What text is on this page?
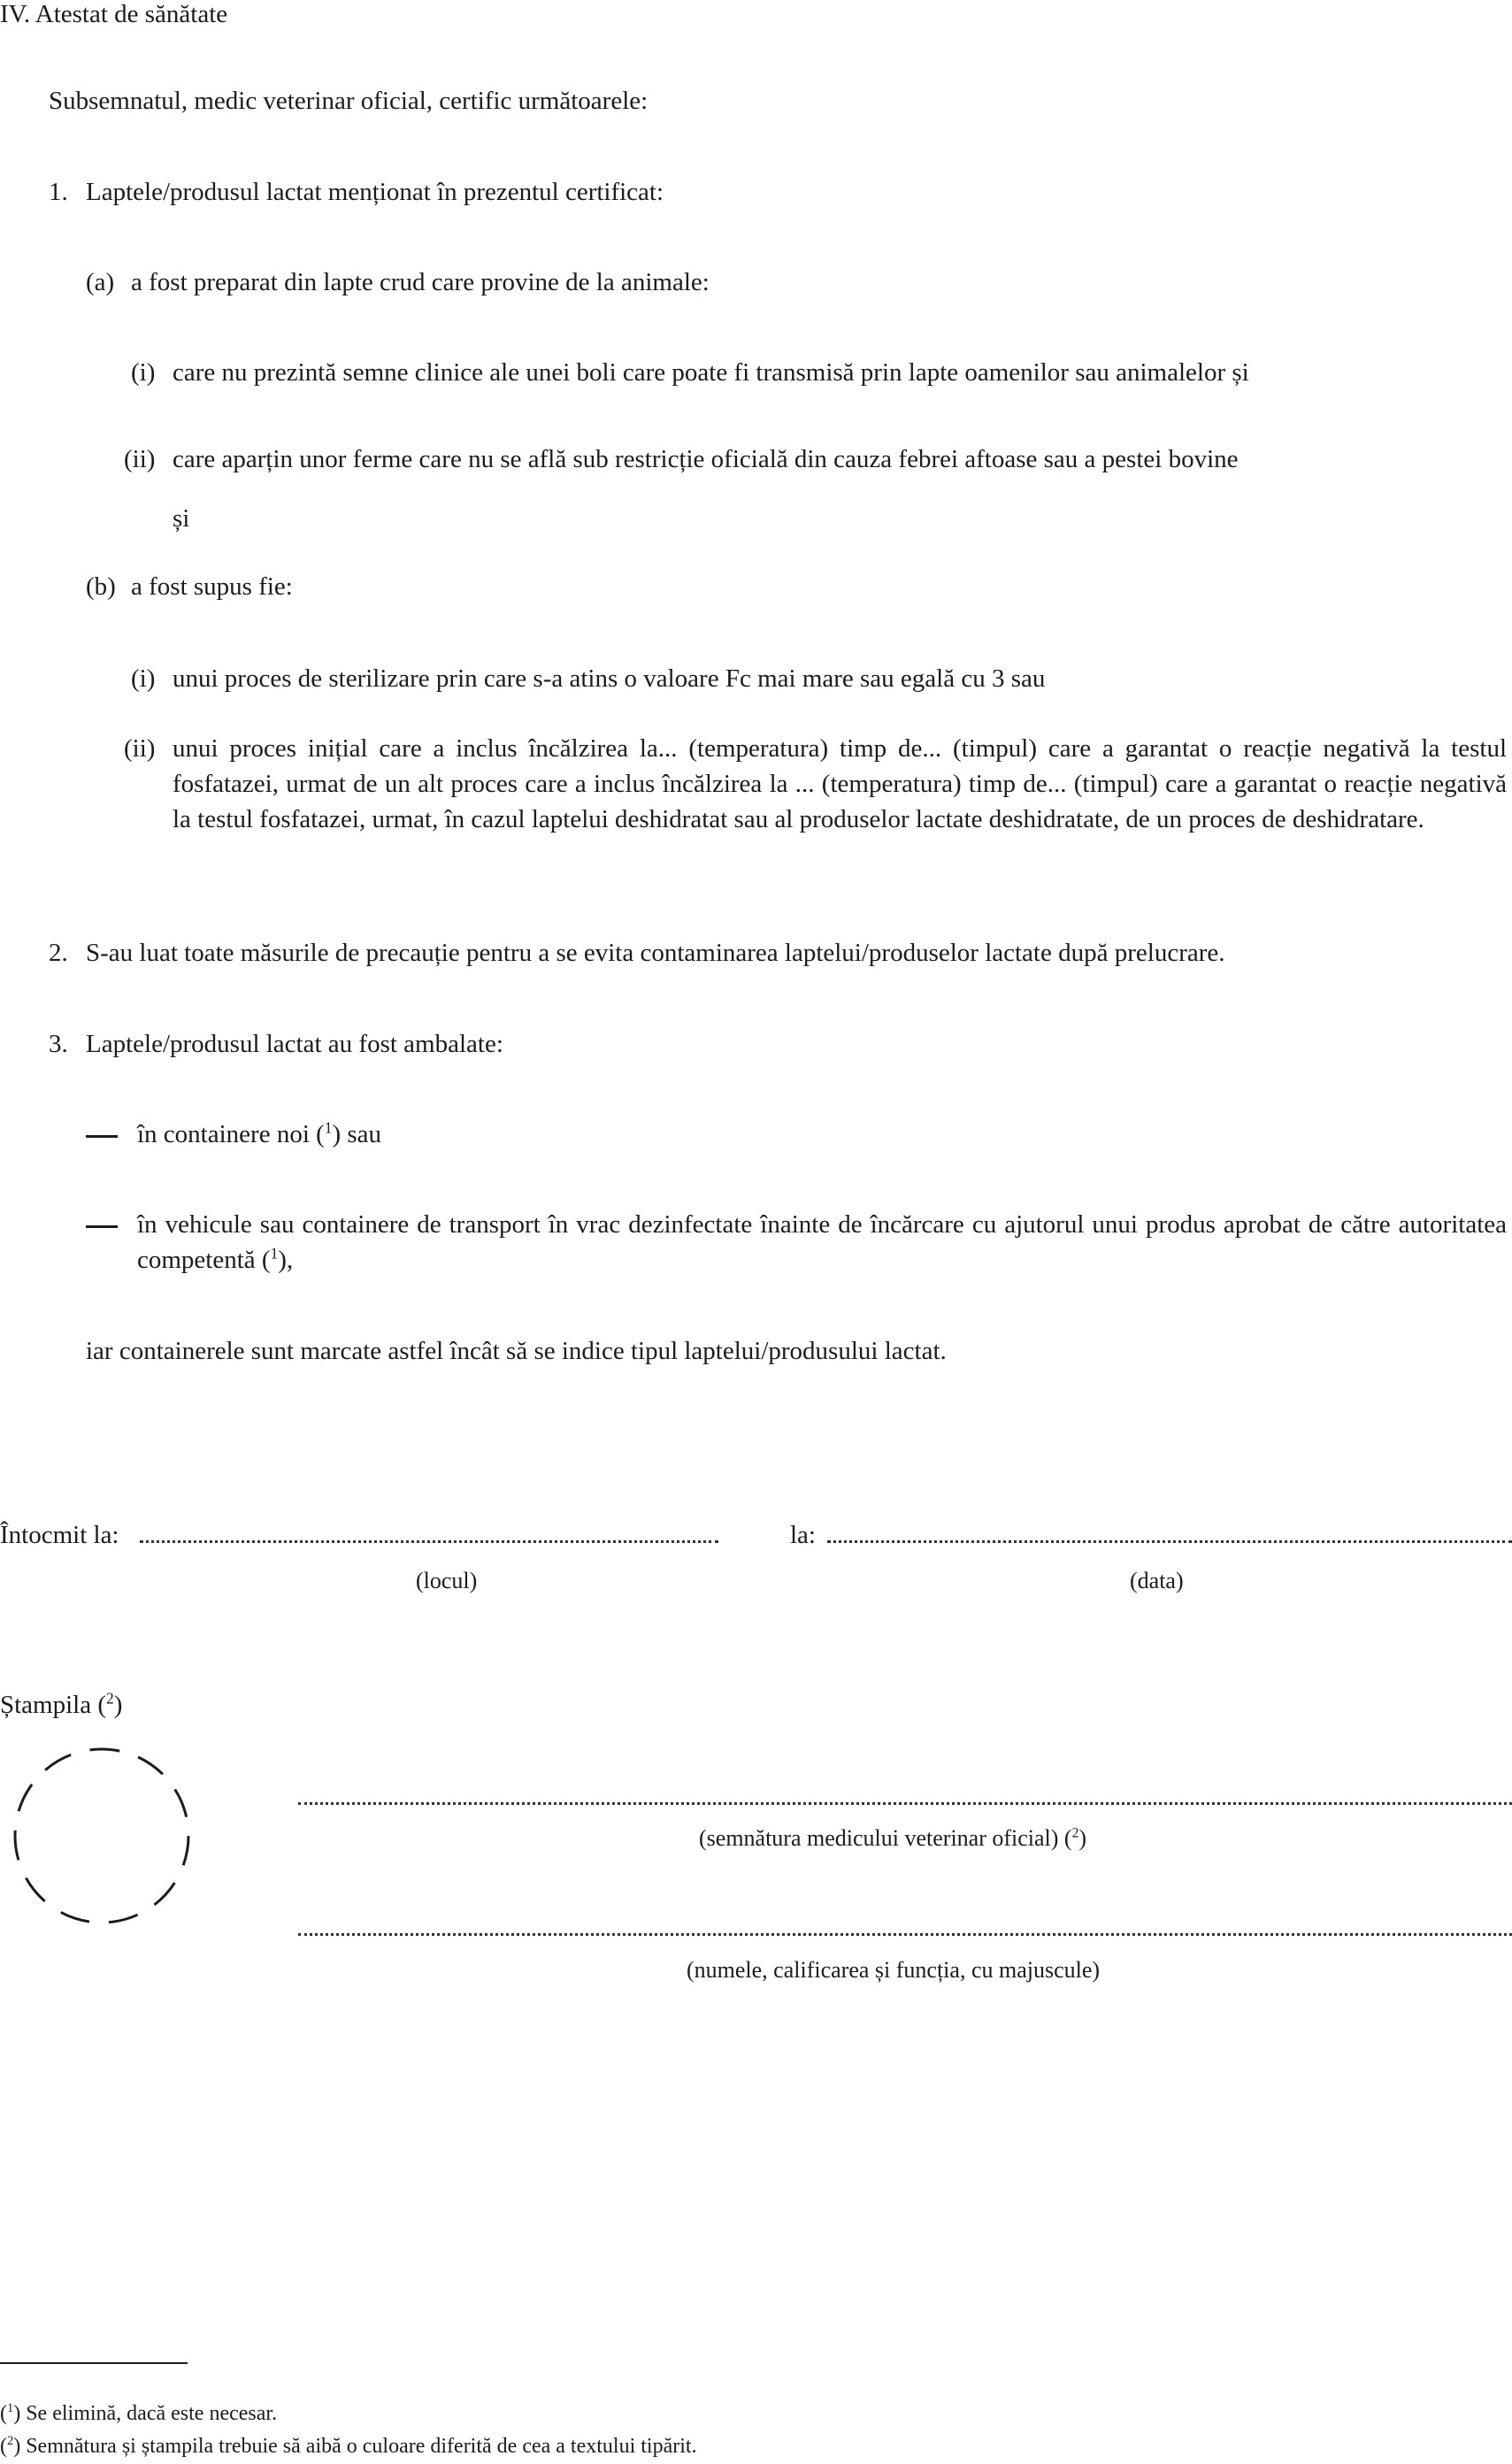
IV. Atestat de sănătate
Subsemnatul, medic veterinar oficial, certific următoarele:
1. Laptele/produsul lactat menționat în prezentul certificat:
(a) a fost preparat din lapte crud care provine de la animale:
(i) care nu prezintă semne clinice ale unei boli care poate fi transmisă prin lapte oamenilor sau animalelor și
(ii) care aparțin unor ferme care nu se află sub restricție oficială din cauza febrei aftoase sau a pestei bovine
și
(b) a fost supus fie:
(i) unui proces de sterilizare prin care s-a atins o valoare Fc mai mare sau egală cu 3 sau
(ii) unui proces inițial care a inclus încălzirea la... (temperatura) timp de... (timpul) care a garantat o reacție negativă la testul fosfatazei, urmat de un alt proces care a inclus încălzirea la ... (temperatura) timp de... (timpul) care a garantat o reacție negativă la testul fosfatazei, urmat, în cazul laptelui deshidratat sau al produselor lactate deshidratate, de un proces de deshidratare.
2. S-au luat toate măsurile de precauție pentru a se evita contaminarea laptelui/produselor lactate după prelucrare.
3. Laptele/produsul lactat au fost ambalate:
în containere noi ($^1$) sau
în vehicule sau containere de transport în vrac dezinfectate înainte de încărcare cu ajutorul unui produs aprobat de către autoritatea competentă ($^1$),
iar containerele sunt marcate astfel încât să se indice tipul laptelui/produsului lactat.
Întocmit la:
(locul)
la:
(data)
Ștampila ($^2$)
(semnătura medicului veterinar oficial) ($^2$)
(numele, calificarea și funcția, cu majuscule)
($^1$) Se elimină, dacă este necesar.
($^2$) Semnătura și ștampila trebuie să aibă o culoare diferită de cea a textului tipărit.
